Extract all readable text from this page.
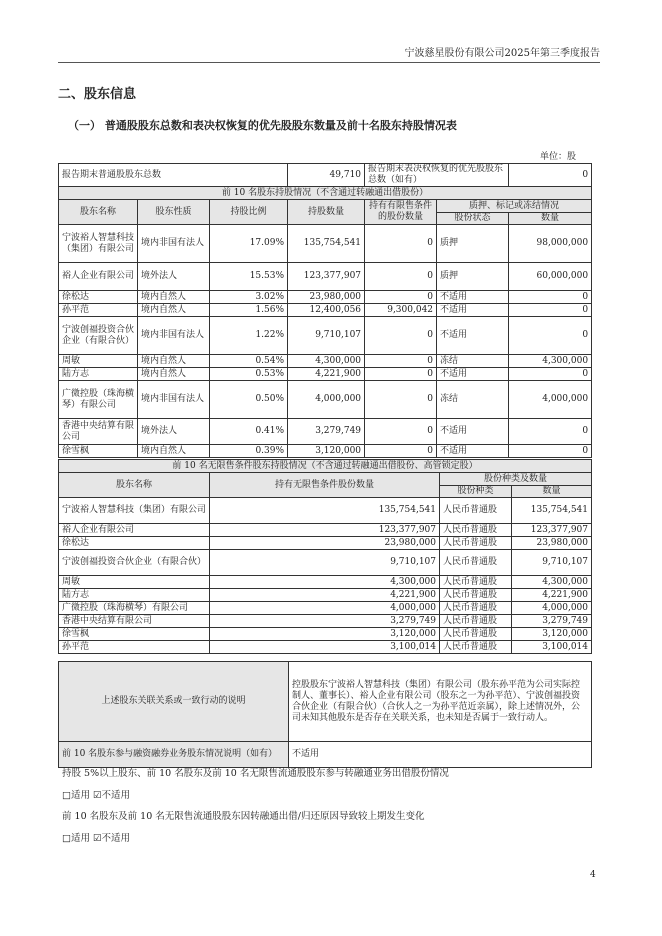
宁波慈星股份有限公司2025年第三季度报告
二、股东信息
（一） 普通股股东总数和表决权恢复的优先股股东数量及前十名股东持股情况表
单位：股
报告期末普通股股东总数			49,710	报告期末表决权恢复的优先股股东总数（如有）		0
前 10 名股东持股情况（不含通过转融通出借股份）						
股东名称	股东性质	持股比例	持股数量	持有有限售条件的股份数量	质押、标记或冻结情况	
					股份状态	数量
宁波裕人智慧科技（集团）有限公司	境内非国有法人	17.09%	135,754,541	0	质押	98,000,000
裕人企业有限公司	境外法人	15.53%	123,377,907	0	质押	60,000,000
徐松达	境内自然人	3.02%	23,980,000	0	不适用	0
孙平范	境内自然人	1.56%	12,400,056	9,300,042	不适用	0
宁波创福投资合伙企业（有限合伙）	境内非国有法人	1.22%	9,710,107	0	不适用	0
周敏	境内自然人	0.54%	4,300,000	0	冻结	4,300,000
陆方志	境内自然人	0.53%	4,221,900	0	不适用	0
广微控股（珠海横琴）有限公司	境内非国有法人	0.50%	4,000,000	0	冻结	4,000,000
香港中央结算有限公司	境外法人	0.41%	3,279,749	0	不适用	0
徐雪枫	境内自然人	0.39%	3,120,000	0	不适用	0
前 10 名无限售条件股东持股情况（不含通过转融通出借股份、高管锁定股）			
股东名称	持有无限售条件股份数量	股份种类及数量	
		股份种类	数量
宁波裕人智慧科技（集团）有限公司	135,754,541	人民币普通股	135,754,541
裕人企业有限公司	123,377,907	人民币普通股	123,377,907
徐松达	23,980,000	人民币普通股	23,980,000
宁波创福投资合伙企业（有限合伙）	9,710,107	人民币普通股	9,710,107
周敏	4,300,000	人民币普通股	4,300,000
陆方志	4,221,900	人民币普通股	4,221,900
广微控股（珠海横琴）有限公司	4,000,000	人民币普通股	4,000,000
香港中央结算有限公司	3,279,749	人民币普通股	3,279,749
徐雪枫	3,120,000	人民币普通股	3,120,000
孙平范	3,100,014	人民币普通股	3,100,014
上述股东关联关系或一致行动的说明	控股股东宁波裕人智慧科技（集团）有限公司（股东孙平范为公司实际控制人、董事长）、裕人企业有限公司（股东之一为孙平范）、宁波创福投资合伙企业（有限合伙）（合伙人之一为孙平范近亲属），除上述情况外，公司未知其他股东是否存在关联关系，也未知是否属于一致行动人。
前 10 名股东参与融资融券业务股东情况说明（如有）	不适用
持股 5%以上股东、前 10 名股东及前 10 名无限售流通股股东参与转融通业务出借股份情况
□适用 ☑不适用
前 10 名股东及前 10 名无限售流通股股东因转融通出借/归还原因导致较上期发生变化
□适用 ☑不适用
4
